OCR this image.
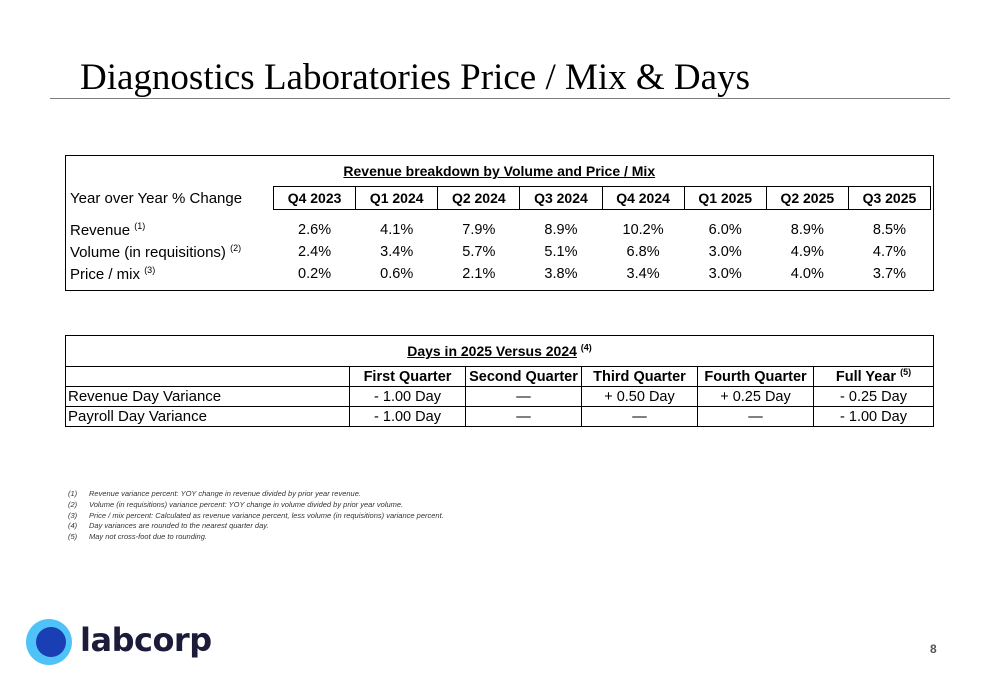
Diagnostics Laboratories Price / Mix & Days
Revenue breakdown by Volume and Price / Mix								
Year over Year % Change	Q4 2023	Q1 2024	Q2 2024	Q3 2024	Q4 2024	Q1 2025	Q2 2025	Q3 2025

Revenue $^{(1)}$	2.6%	4.1%	7.9%	8.9%	10.2%	6.0%	8.9%	8.5%
Volume (in requisitions) $^{(2)}$	2.4%	3.4%	5.7%	5.1%	6.8%	3.0%	4.9%	4.7%
Price / mix $^{(3)}$	0.2%	0.6%	2.1%	3.8%	3.4%	3.0%	4.0%	3.7%
Days in 2025 Versus 2024 $^{(4)}$
	First Quarter	Second Quarter	Third Quarter	Fourth Quarter	Full Year $^{(5)}$
Revenue Day Variance	- 1.00 Day	—	+ 0.50 Day	+ 0.25 Day	- 0.25 Day
Payroll Day Variance	- 1.00 Day	—	—	—	- 1.00 Day
(1)	Revenue variance percent: YOY change in revenue divided by prior year revenue.
(2)	Volume (in requisitions) variance percent: YOY change in volume divided by prior year volume.
(3)	Price / mix percent: Calculated as revenue variance percent, less volume (in requisitions) variance percent.
(4)	Day variances are rounded to the nearest quarter day.
(5)	May not cross-foot due to rounding.
labcorp	8
